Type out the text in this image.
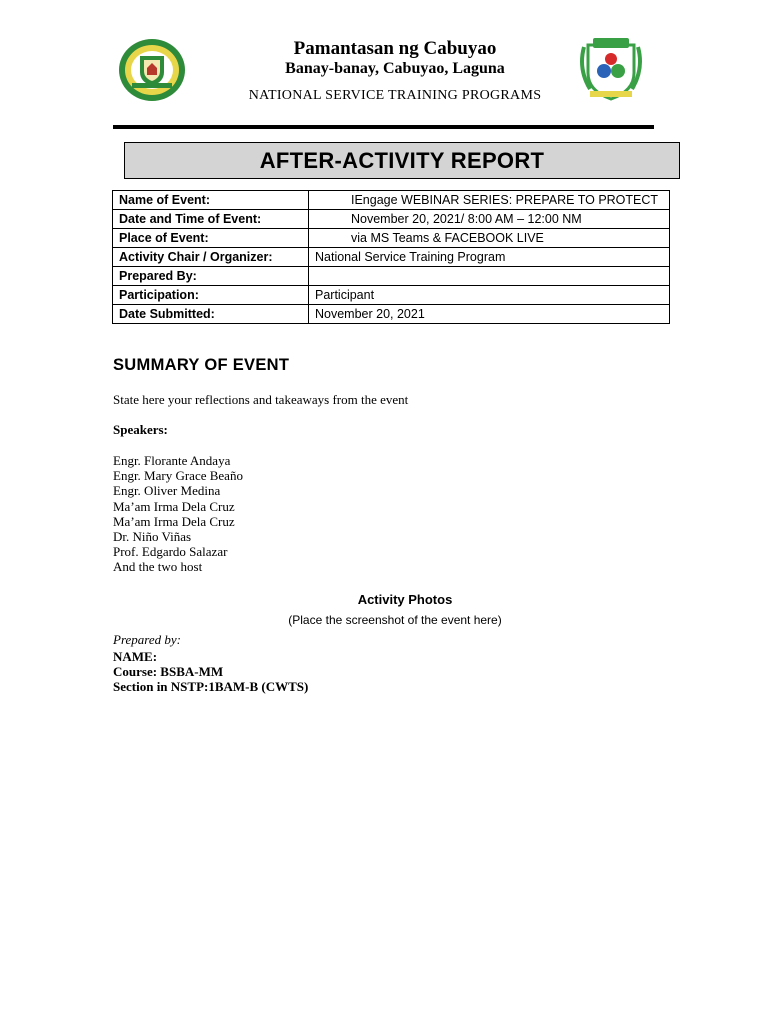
Pamantasan ng Cabuyao
Banay-banay, Cabuyao, Laguna
NATIONAL SERVICE TRAINING PROGRAMS
AFTER-ACTIVITY REPORT
Name of Event:	IEngage WEBINAR SERIES: PREPARE TO PROTECT
Date and Time of Event:	November 20, 2021/ 8:00 AM – 12:00 NM
Place of Event:	via MS Teams & FACEBOOK LIVE
Activity Chair / Organizer:	National Service Training Program
Prepared By:	
Participation:	Participant
Date Submitted:	November 20, 2021
SUMMARY OF EVENT
State here your reflections and takeaways from the event
Speakers:
Engr. Florante Andaya
Engr. Mary Grace Beaño
Engr. Oliver Medina
Ma’am Irma Dela Cruz
Ma’am Irma Dela Cruz
Dr. Niño Viñas
Prof. Edgardo Salazar
And the two host
Activity Photos
(Place the screenshot of the event here)
Prepared by:

NAME:

Course: BSBA-MM

Section in NSTP:1BAM-B (CWTS)
